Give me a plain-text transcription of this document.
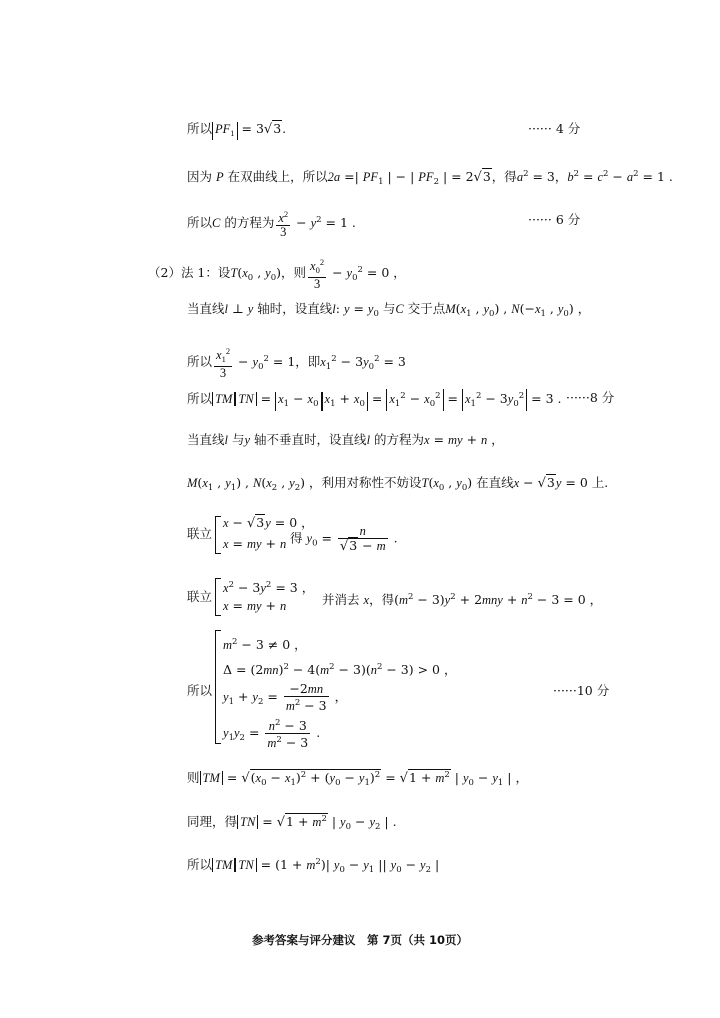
所以 $PF_1 = 3√3$.	······ 4 分
因为 P 在双曲线上，所以2a =| $PF_1$ | − | $PF_2$ | = 2√3，得$a^2 = 3$，$b^2 = c^2 - a^2 = 1$ .
所以C 的方程为 $\frac{x^2}{3} - y^2 = 1$ .	······ 6 分
（2）法 1：设$T(x_0$ , $y_0$)，则 $\frac{x_0^2}{3} - y_0^2 = 0$ ，
当直线l ⊥ y 轴时，设直线l: $y = y_0$ 与C 交于点$M(x_1$ , $y_0$) , $N(-x_1$ , $y_0$) ，
所以 $\frac{x_1^2}{3} - y_0^2 = 1$，即$x_1^2 - 3y_0^2 = 3$
所以 TM TN = $x_1 - x_0$ $x_1 + x_0 = x_1^2 - x_0^2 = x_1^2 - 3y_0^2 = 3$ . ······8 分
当直线l 与y 轴不垂直时，设直线l 的方程为x = my + n ，
$M(x_1$ , $y_1$) , $N(x_2$ , $y_2$) ，利用对称性不妨设$T(x_0$ , $y_0$) 在直线x − √3y = 0 上.
联立
x − √3y = 0 ，
x = my + n 得 $y_0 = \frac{n}{√3 - m}$ .
联立
$x^2 - 3y^2 = 3$ ，
x = my + n	并消去 x，得$(m^2 - 3)y^2 + 2mny + n^2 - 3 = 0$ ，
所以
$m^2 - 3 \ne 0$ ，
$\Delta = (2mn)^2 - 4(m^2 - 3)(n^2 - 3) > 0$ ，
$y_1 + y_2 = \frac{-2mn}{m^2 - 3}$ ，
$y_1y_2 = \frac{n^2 - 3}{m^2 - 3}$ .
······10 分
则 TM = $√(x_0 - x_1)^2 + (y_0 - y_1)^2 = √1 + m^2$ | $y_0 - y_1$ | ，
同理，得 TN = $√1 + m^2$ | $y_0 - y_2$ | .
所以 TM TN = $(1 + m^2)|$ $y_0 - y_1$ || $y_0 - y_2$ |
参考答案与评分建议　第 7页（共 10页）
